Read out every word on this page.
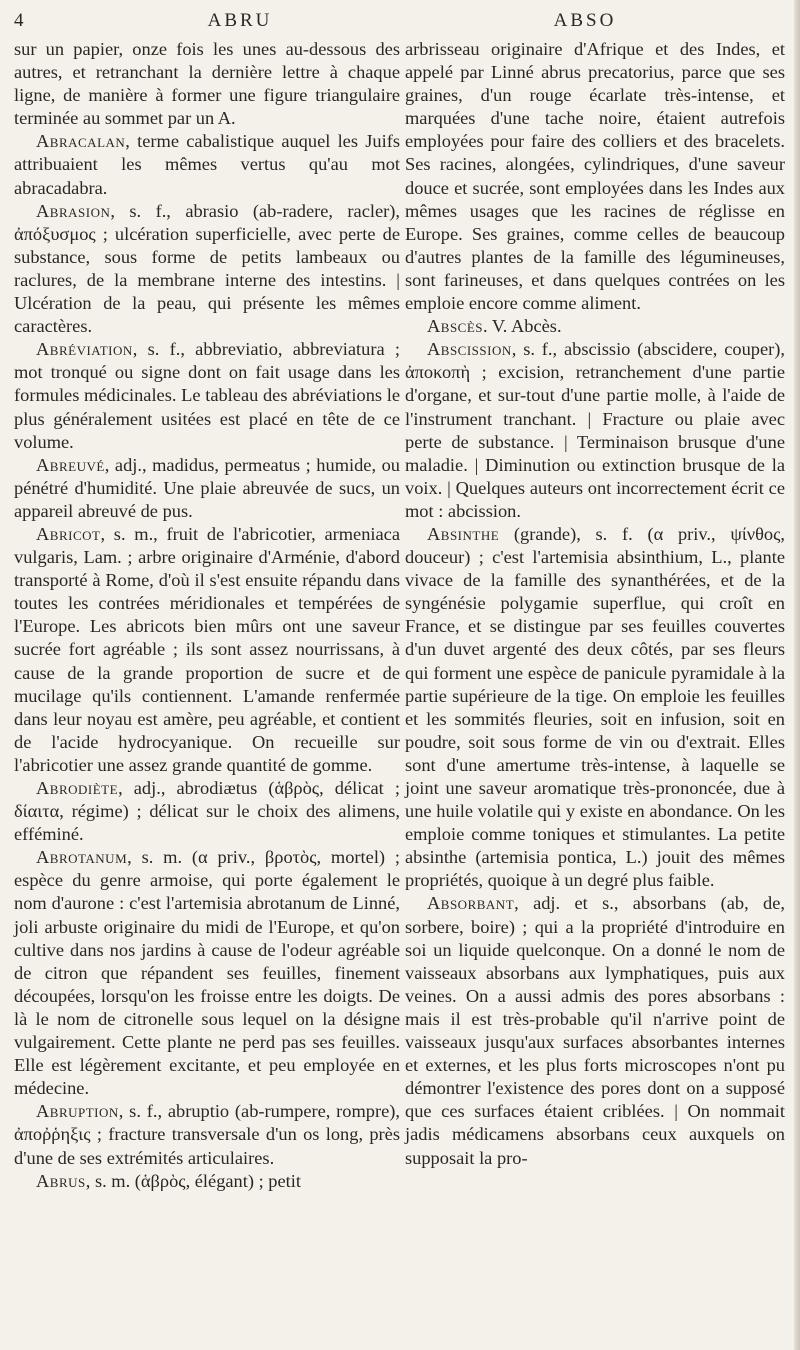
4	ABRU	ABSO

sur un papier, onze fois les unes au-dessous des autres, et retranchant la dernière lettre à chaque ligne, de manière à former une figure triangulaire terminée au sommet par un A.

Abracalan, terme cabalistique auquel les Juifs attribuaient les mêmes vertus qu'au mot abracadabra.

Abrasion, s. f., abrasio (ab-radere, racler), ἀπόξυσμος ; ulcération superficielle, avec perte de substance, sous forme de petits lambeaux ou raclures, de la membrane interne des intestins. | Ulcération de la peau, qui présente les mêmes caractères.

Abréviation, s. f., abbreviatio, abbreviatura ; mot tronqué ou signe dont on fait usage dans les formules médicinales. Le tableau des abréviations le plus généralement usitées est placé en tête de ce volume.

Abreuvé, adj., madidus, permeatus ; humide, ou pénétré d'humidité. Une plaie abreuvée de sucs, un appareil abreuvé de pus.

Abricot, s. m., fruit de l'abricotier, armeniaca vulgaris, Lam. ; arbre originaire d'Arménie, d'abord transporté à Rome, d'où il s'est ensuite répandu dans toutes les contrées méridionales et tempérées de l'Europe. Les abricots bien mûrs ont une saveur sucrée fort agréable ; ils sont assez nourrissans, à cause de la grande proportion de sucre et de mucilage qu'ils contiennent. L'amande renfermée dans leur noyau est amère, peu agréable, et contient de l'acide hydrocyanique. On recueille sur l'abricotier une assez grande quantité de gomme.

Abrodiète, adj., abrodiætus (ἁβρὸς, délicat ; δίαιτα, régime) ; délicat sur le choix des alimens, efféminé.

Abrotanum, s. m. (α priv., βροτὸς, mortel) ; espèce du genre armoise, qui porte également le nom d'aurone : c'est l'artemisia abrotanum de Linné, joli arbuste originaire du midi de l'Europe, et qu'on cultive dans nos jardins à cause de l'odeur agréable de citron que répandent ses feuilles, finement découpées, lorsqu'on les froisse entre les doigts. De là le nom de citronelle sous lequel on la désigne vulgairement. Cette plante ne perd pas ses feuilles. Elle est légèrement excitante, et peu employée en médecine.

Abruption, s. f., abruptio (ab-rumpere, rompre), ἀποῤῥηξις ; fracture transversale d'un os long, près d'une de ses extrémités articulaires.

Abrus, s. m. (ἁβρὸς, élégant) ; petit

arbrisseau originaire d'Afrique et des Indes, et appelé par Linné abrus precatorius, parce que ses graines, d'un rouge écarlate très-intense, et marquées d'une tache noire, étaient autrefois employées pour faire des colliers et des bracelets. Ses racines, alongées, cylindriques, d'une saveur douce et sucrée, sont employées dans les Indes aux mêmes usages que les racines de réglisse en Europe. Ses graines, comme celles de beaucoup d'autres plantes de la famille des légumineuses, sont farineuses, et dans quelques contrées on les emploie encore comme aliment.

Abscès. V. Abcès.

Abscission, s. f., abscissio (abscidere, couper), ἀποκοπὴ ; excision, retranchement d'une partie d'organe, et sur-tout d'une partie molle, à l'aide de l'instrument tranchant. | Fracture ou plaie avec perte de substance. | Terminaison brusque d'une maladie. | Diminution ou extinction brusque de la voix. | Quelques auteurs ont incorrectement écrit ce mot : abcission.

Absinthe (grande), s. f. (α priv., ψίνθος, douceur) ; c'est l'artemisia absinthium, L., plante vivace de la famille des synanthérées, et de la syngénésie polygamie superflue, qui croît en France, et se distingue par ses feuilles couvertes d'un duvet argenté des deux côtés, par ses fleurs qui forment une espèce de panicule pyramidale à la partie supérieure de la tige. On emploie les feuilles et les sommités fleuries, soit en infusion, soit en poudre, soit sous forme de vin ou d'extrait. Elles sont d'une amertume très-intense, à laquelle se joint une saveur aromatique très-prononcée, due à une huile volatile qui y existe en abondance. On les emploie comme toniques et stimulantes. La petite absinthe (artemisia pontica, L.) jouit des mêmes propriétés, quoique à un degré plus faible.

Absorbant, adj. et s., absorbans (ab, de, sorbere, boire) ; qui a la propriété d'introduire en soi un liquide quelconque. On a donné le nom de vaisseaux absorbans aux lymphatiques, puis aux veines. On a aussi admis des pores absorbans : mais il est très-probable qu'il n'arrive point de vaisseaux jusqu'aux surfaces absorbantes internes et externes, et les plus forts microscopes n'ont pu démontrer l'existence des pores dont on a supposé que ces surfaces étaient criblées. | On nommait jadis médicamens absorbans ceux auxquels on supposait la pro-
